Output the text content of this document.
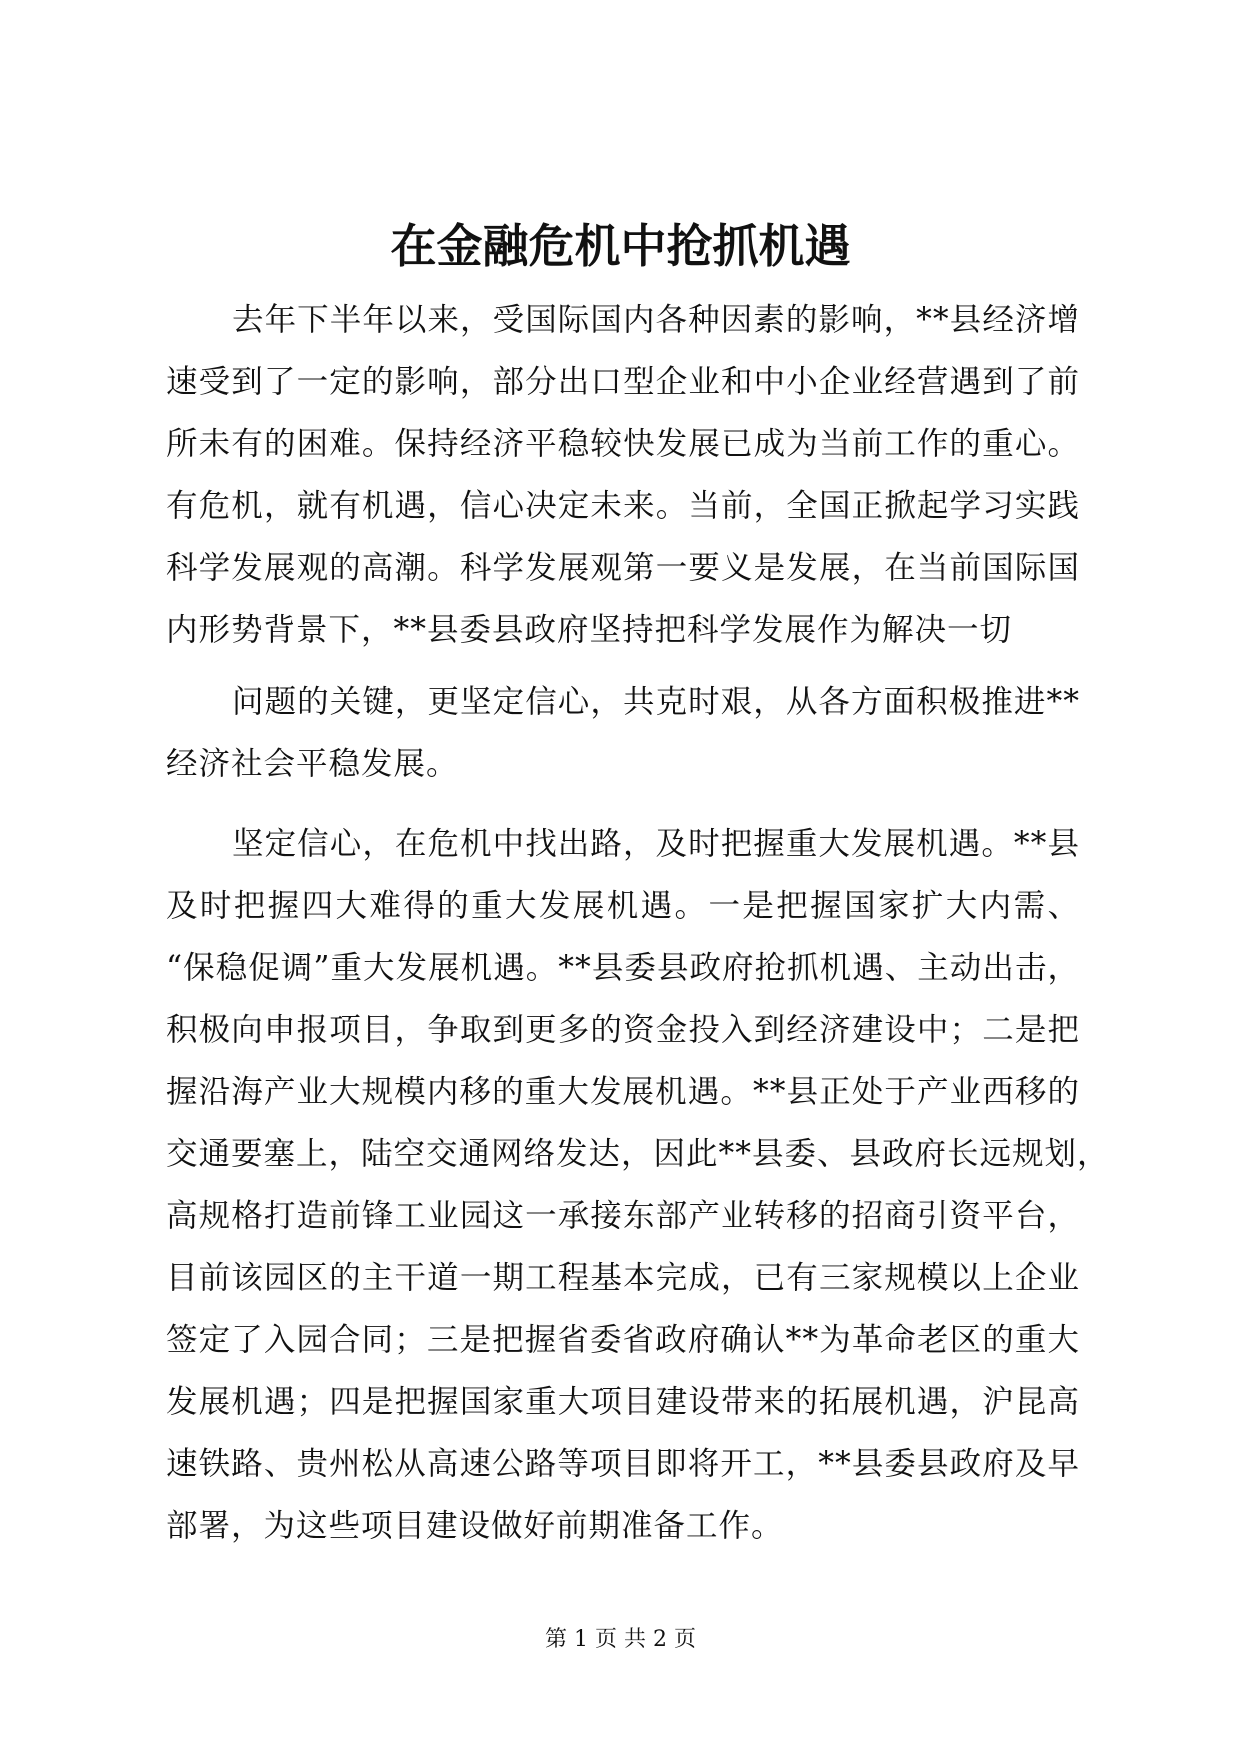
在金融危机中抢抓机遇
去年下半年以来，受国际国内各种因素的影响，**县经济增
速受到了一定的影响，部分出口型企业和中小企业经营遇到了前
所未有的困难。保持经济平稳较快发展已成为当前工作的重心。
有危机，就有机遇，信心决定未来。当前，全国正掀起学习实践
科学发展观的高潮。科学发展观第一要义是发展，在当前国际国
内形势背景下，**县委县政府坚持把科学发展作为解决一切
问题的关键，更坚定信心，共克时艰，从各方面积极推进**
经济社会平稳发展。
坚定信心，在危机中找出路，及时把握重大发展机遇。**县
及时把握四大难得的重大发展机遇。一是把握国家扩大内需、
“保稳促调”重大发展机遇。**县委县政府抢抓机遇、主动出击，
积极向申报项目，争取到更多的资金投入到经济建设中；二是把
握沿海产业大规模内移的重大发展机遇。**县正处于产业西移的
交通要塞上，陆空交通网络发达，因此**县委、县政府长远规划，
高规格打造前锋工业园这一承接东部产业转移的招商引资平台，
目前该园区的主干道一期工程基本完成，已有三家规模以上企业
签定了入园合同；三是把握省委省政府确认**为革命老区的重大
发展机遇；四是把握国家重大项目建设带来的拓展机遇，沪昆高
速铁路、贵州松从高速公路等项目即将开工，**县委县政府及早
部署，为这些项目建设做好前期准备工作。
第 1 页 共 2 页
